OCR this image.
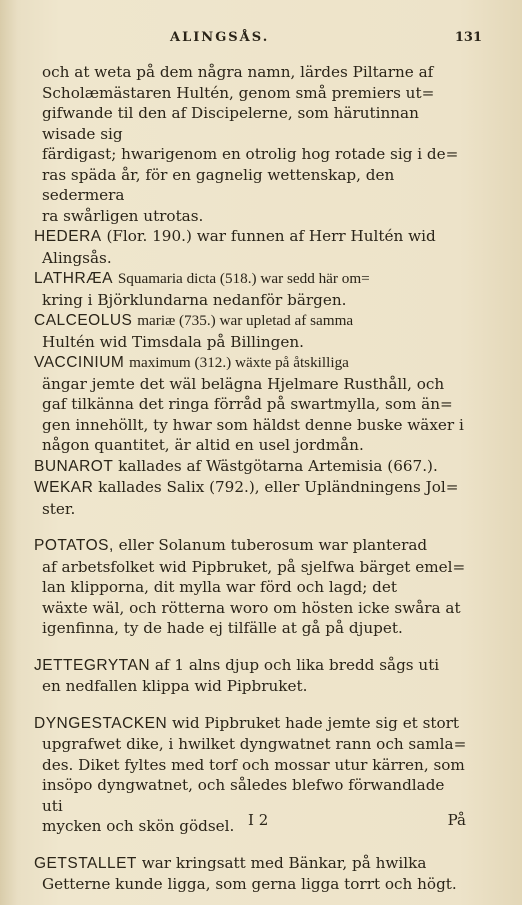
ALINGSÅS.	131

och at weta på dem några namn, lärdes Piltarne af
Scholæmästaren Hultén, genom små premiers ut=
gifwande til den af Discipelerne, som härutinnan wisade sig
färdigast; hwarigenom en otrolig hog rotade sig i de=
ras späda år, för en gagnelig wettenskap, den sedermera
ra swårligen utrotas.

HEDERA (Flor. 190.) war funnen af Herr Hultén wid
Alingsås.

LATHRÆA Squamaria dicta (518.) war sedd här om=
kring i Björklundarna nedanför bärgen.

CALCEOLUS mariæ (735.) war upletad af samma
Hultén wid Timsdala på Billingen.

VACCINIUM maximum (312.) wäxte på åtskilliga
ängar jemte det wäl belägna Hjelmare Rusthåll, och
gaf tilkänna det ringa förråd på swartmylla, som än=
gen innehöllt, ty hwar som häldst denne buske wäxer i
någon quantitet, är altid en usel jordmån.

BUNAROT kallades af Wästgötarna Artemisia (667.).

WEKAR kallades Salix (792.), eller Upländningens Jol=
ster.

POTATOS, eller Solanum tuberosum war planterad
af arbetsfolket wid Pipbruket, på sjelfwa bärget emel=
lan klipporna, dit mylla war förd och lagd; det
wäxte wäl, och rötterna woro om hösten icke swåra at
igenfinna, ty de hade ej tilfälle at gå på djupet.

JETTEGRYTAN af 1 alns djup och lika bredd sågs uti
en nedfallen klippa wid Pipbruket.

DYNGESTACKEN wid Pipbruket hade jemte sig et stort
upgrafwet dike, i hwilket dyngwatnet rann och samla=
des. Diket fyltes med torf och mossar utur kärren, som
insöpo dyngwatnet, och således blefwo förwandlade uti
mycken och skön gödsel.

GETSTALLET war kringsatt med Bänkar, på hwilka
Getterne kunde ligga, som gerna ligga torrt och högt.

I 2	På
